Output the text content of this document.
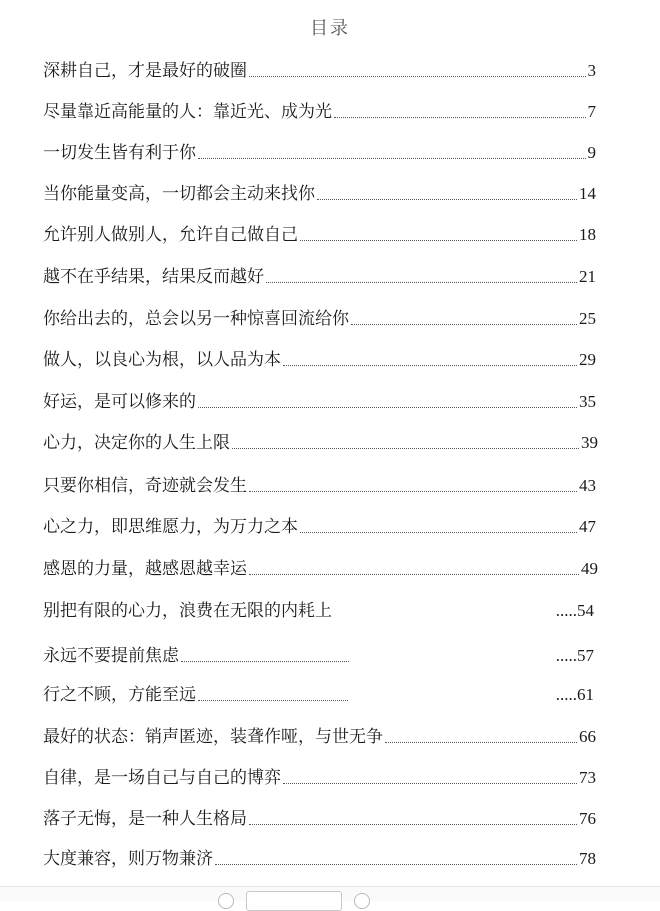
目录
深耕自己，才是最好的破圈	3
尽量靠近高能量的人：靠近光、成为光	7
一切发生皆有利于你	9
当你能量变高，一切都会主动来找你	14
允许别人做别人，允许自己做自己	18
越不在乎结果，结果反而越好	21
你给出去的，总会以另一种惊喜回流给你	25
做人，以良心为根，以人品为本	29
好运，是可以修来的	35
心力，决定你的人生上限	39
只要你相信，奇迹就会发生	43
心之力，即思维愿力，为万力之本	47
感恩的力量，越感恩越幸运	49
别把有限的心力，浪费在无限的内耗上	.....54
永远不要提前焦虑	.....57
行之不顾，方能至远	.....61
最好的状态：销声匿迹，装聋作哑，与世无争	66
自律，是一场自己与自己的博弈	73
落子无悔，是一种人生格局	76
大度兼容，则万物兼济	78
